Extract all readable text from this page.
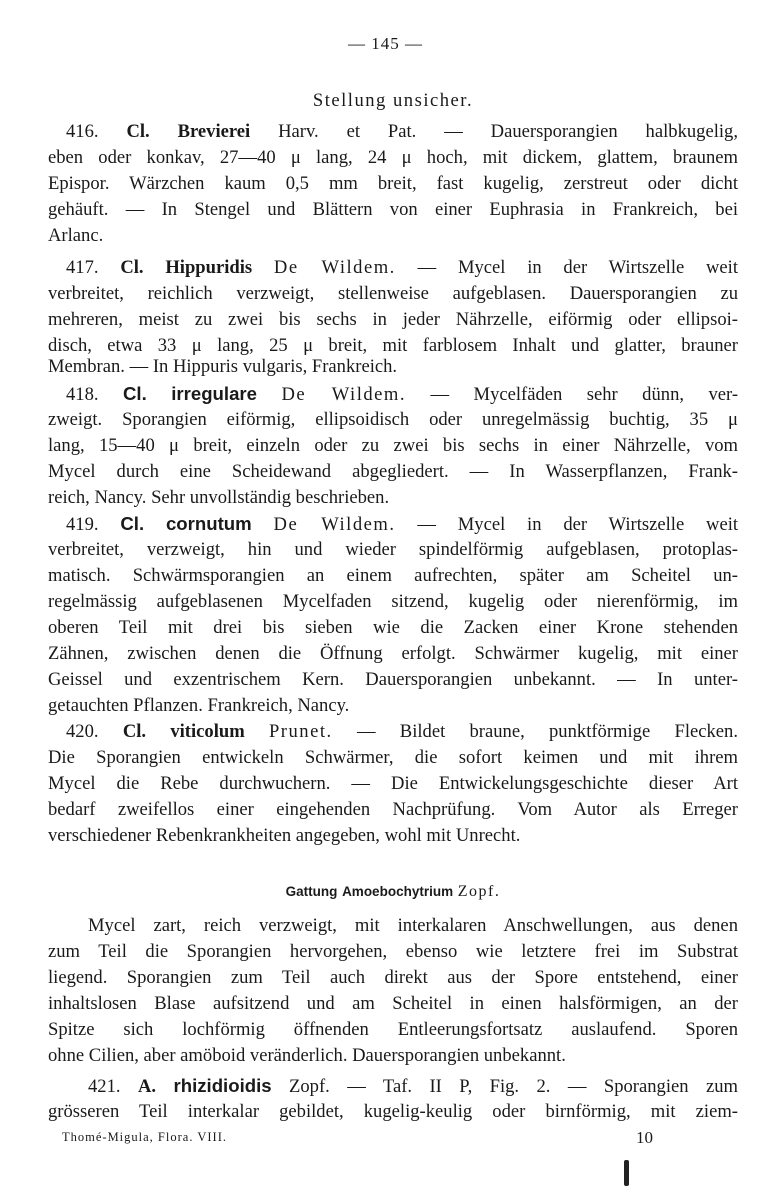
— 145 —
Stellung unsicher.
416. Cl. Brevierei Harv. et Pat. — Dauersporangien halbkugelig,
eben oder konkav, 27—40 μ lang, 24 μ hoch, mit dickem, glattem, braunem
Epispor. Wärzchen kaum 0,5 mm breit, fast kugelig, zerstreut oder dicht
gehäuft. — In Stengel und Blättern von einer Euphrasia in Frankreich, bei
Arlanc.
417. Cl. Hippuridis De Wildem. — Mycel in der Wirtszelle weit
verbreitet, reichlich verzweigt, stellenweise aufgeblasen. Dauersporangien zu
mehreren, meist zu zwei bis sechs in jeder Nährzelle, eiförmig oder ellipsoi-
disch, etwa 33 μ lang, 25 μ breit, mit farblosem Inhalt und glatter, brauner
Membran. — In Hippuris vulgaris, Frankreich.
418. Cl. irregulare De Wildem. — Mycelfäden sehr dünn, ver-
zweigt. Sporangien eiförmig, ellipsoidisch oder unregelmässig buchtig, 35 μ
lang, 15—40 μ breit, einzeln oder zu zwei bis sechs in einer Nährzelle, vom
Mycel durch eine Scheidewand abgegliedert. — In Wasserpflanzen, Frank-
reich, Nancy. Sehr unvollständig beschrieben.
419. Cl. cornutum De Wildem. — Mycel in der Wirtszelle weit
verbreitet, verzweigt, hin und wieder spindelförmig aufgeblasen, protoplas-
matisch. Schwärmsporangien an einem aufrechten, später am Scheitel un-
regelmässig aufgeblasenen Mycelfaden sitzend, kugelig oder nierenförmig, im
oberen Teil mit drei bis sieben wie die Zacken einer Krone stehenden
Zähnen, zwischen denen die Öffnung erfolgt. Schwärmer kugelig, mit einer
Geissel und exzentrischem Kern. Dauersporangien unbekannt. — In unter-
getauchten Pflanzen. Frankreich, Nancy.
420. Cl. viticolum Prunet. — Bildet braune, punktförmige Flecken.
Die Sporangien entwickeln Schwärmer, die sofort keimen und mit ihrem
Mycel die Rebe durchwuchern. — Die Entwickelungsgeschichte dieser Art
bedarf zweifellos einer eingehenden Nachprüfung. Vom Autor als Erreger
verschiedener Rebenkrankheiten angegeben, wohl mit Unrecht.
Gattung Amoebochytrium Zopf.
Mycel zart, reich verzweigt, mit interkalaren Anschwellungen, aus denen
zum Teil die Sporangien hervorgehen, ebenso wie letztere frei im Substrat
liegend. Sporangien zum Teil auch direkt aus der Spore entstehend, einer
inhaltslosen Blase aufsitzend und am Scheitel in einen halsförmigen, an der
Spitze sich lochförmig öffnenden Entleerungsfortsatz auslaufend. Sporen
ohne Cilien, aber amöboid veränderlich. Dauersporangien unbekannt.
421. A. rhizidioidis Zopf. — Taf. II P, Fig. 2. — Sporangien zum
grösseren Teil interkalar gebildet, kugelig-keulig oder birnförmig, mit ziem-
Thomé-Migula, Flora. VIII.	10
